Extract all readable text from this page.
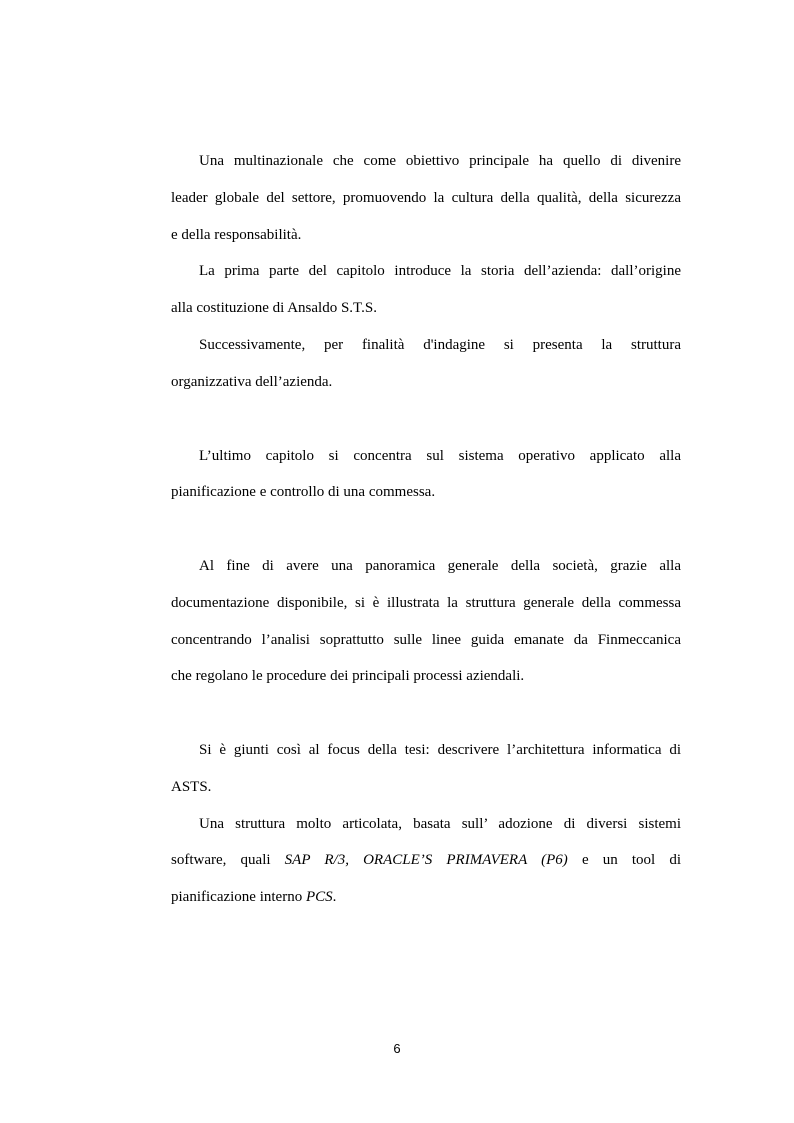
Una multinazionale che come obiettivo principale ha quello di divenire
leader globale del settore, promuovendo la cultura della qualità, della sicurezza
e della responsabilità.
La prima parte del capitolo introduce la storia dell’azienda: dall’origine
alla costituzione di Ansaldo S.T.S.
Successivamente, per finalità d'indagine si presenta la struttura
organizzativa dell’azienda.
L’ultimo capitolo si concentra sul sistema operativo applicato alla
pianificazione e controllo di una commessa.
Al fine di avere una panoramica generale della società, grazie alla
documentazione disponibile, si è illustrata la struttura generale della commessa
concentrando l’analisi soprattutto sulle linee guida emanate da Finmeccanica
che regolano le procedure dei principali processi aziendali.
Si è giunti così al focus della tesi: descrivere l’architettura informatica di
ASTS.
Una struttura molto articolata, basata sull’ adozione di diversi sistemi
software, quali SAP R/3, ORACLE’S PRIMAVERA (P6) e un tool di
pianificazione interno PCS.
6
